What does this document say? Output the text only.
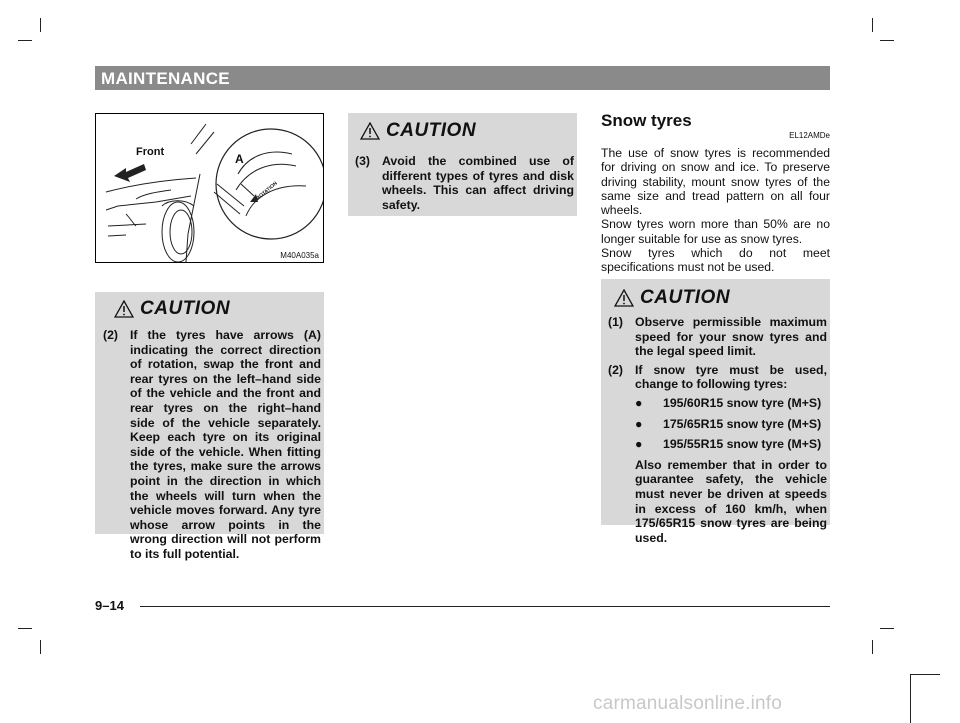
MAINTENANCE
Front	A
ROTATION
M40A035a
CAUTION
(2) If the tyres have arrows (A) indicating the correct direction of rotation, swap the front and rear tyres on the left–hand side of the vehicle and the front and rear tyres on the right–hand side of the vehicle separately. Keep each tyre on its original side of the vehicle. When fitting the tyres, make sure the arrows point in the direction in which the wheels will turn when the vehicle moves forward. Any tyre whose arrow points in the wrong direction will not perform to its full potential.
CAUTION
(3) Avoid the combined use of different types of tyres and disk wheels. This can affect driving safety.
Snow tyres
EL12AMDe

The use of snow tyres is recommended for driving on snow and ice. To preserve driving stability, mount snow tyres of the same size and tread pattern on all four wheels.

Snow tyres worn more than 50% are no longer suitable for use as snow tyres.

Snow tyres which do not meet specifications must not be used.

CAUTION
(1) Observe permissible maximum speed for your snow tyres and the legal speed limit.
(2) If snow tyre must be used, change to following tyres:
●	195/60R15 snow tyre (M+S)
●	175/65R15 snow tyre (M+S)
●	195/55R15 snow tyre (M+S)
Also remember that in order to guarantee safety, the vehicle must never be driven at speeds in excess of 160 km/h, when 175/65R15 snow tyres are being used.
9–14
carmanualsonline.info
